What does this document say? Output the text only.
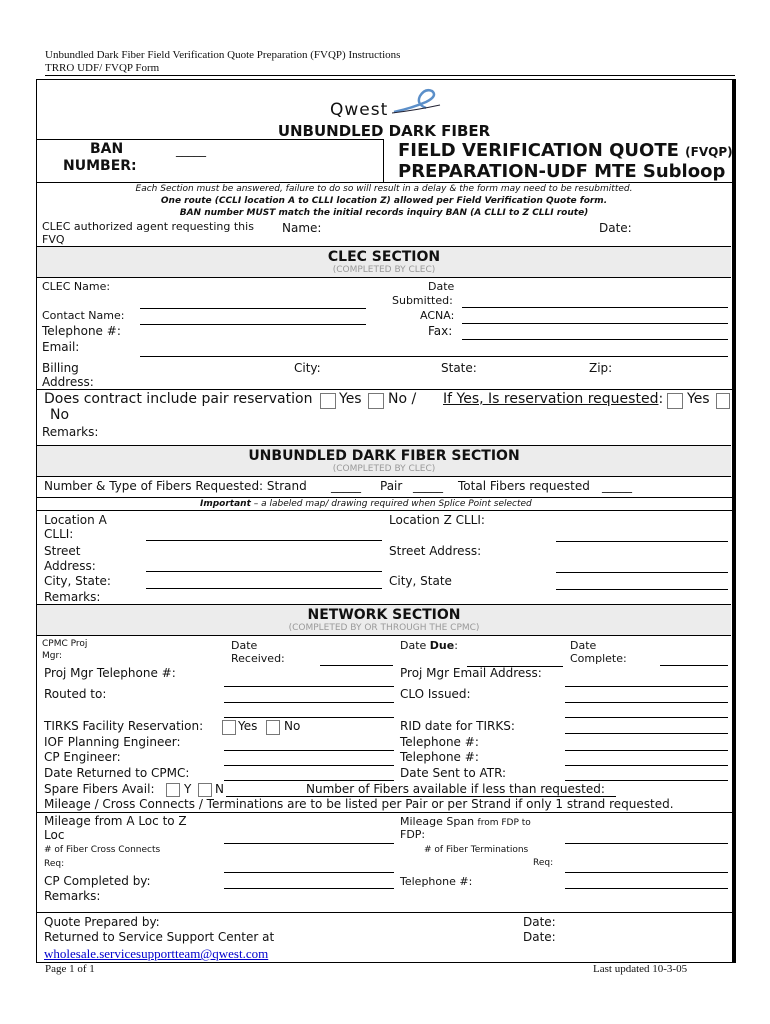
Unbundled Dark Fiber Field Verification Quote Preparation (FVQP) Instructions
TRRO UDF/ FVQP Form
Qwest
UNBUNDLED DARK FIBER
BAN
NUMBER:
_____	FIELD VERIFICATION QUOTE (FVQP)
PREPARATION-UDF MTE Subloop
Each Section must be answered, failure to do so will result in a delay & the form may need to be resubmitted.
One route (CCLI location A to CLLI location Z) allowed per Field Verification Quote form.
BAN number MUST match the initial records inquiry BAN (A CLLI to Z CLLI route)
CLEC authorized agent requesting this
FVQ
Name:	Date:
CLEC SECTION
(COMPLETED BY CLEC)
CLEC Name:	Date
Submitted:
Contact Name:	ACNA:
Telephone #:	Fax:
Email:
Billing
Address:
City:	State:	Zip:
Does contract include pair reservation Yes No / If Yes, Is reservation requested: Yes
No
Remarks:
UNBUNDLED DARK FIBER SECTION
(COMPLETED BY CLEC)
Number & Type of Fibers Requested: Strand _____ Pair _____ Total Fibers requested _____
Important – a labeled map/ drawing required when Splice Point selected
Location A
CLLI:
Location Z CLLI:
Street
Address:
Street Address:
City, State:	City, State
Remarks:
NETWORK SECTION
(COMPLETED BY OR THROUGH THE CPMC)
CPMC Proj
Mgr:
Date
Received:
Date Due:	Date
Complete:
Proj Mgr Telephone #:	Proj Mgr Email Address:
Routed to:	CLO Issued:
TIRKS Facility Reservation:	Yes No	RID date for TIRKS:
IOF Planning Engineer:	Telephone #:
CP Engineer:	Telephone #:
Date Returned to CPMC:	Date Sent to ATR:
Spare Fibers Avail: Y N	Number of Fibers available if less than requested:
Mileage / Cross Connects / Terminations are to be listed per Pair or per Strand if only 1 strand requested.
Mileage from A Loc to Z
Loc
Mileage Span from FDP to
FDP:
# of Fiber Cross Connects
Req:
# of Fiber Terminations
Req:
CP Completed by:	Telephone #:
Remarks:
Quote Prepared by:	Date:
Returned to Service Support Center at	Date:
wholesale.servicesupportteam@qwest.com
Page 1 of 1	Last updated 10-3-05
